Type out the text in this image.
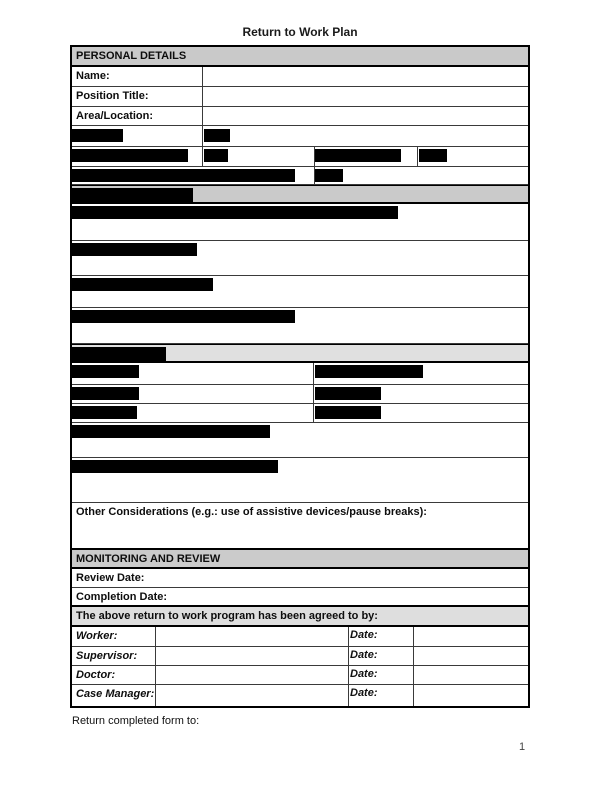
Return to Work Plan
PERSONAL DETAILS
Name:
Position Title:
Area/Location:
Other Considerations (e.g.: use of assistive devices/pause breaks):
MONITORING AND REVIEW
Review Date:
Completion Date:
The above return to work program has been agreed to by:
Worker:	Date:
Supervisor:	Date:
Doctor:	Date:
Case Manager:	Date:
Return completed form to:
1
